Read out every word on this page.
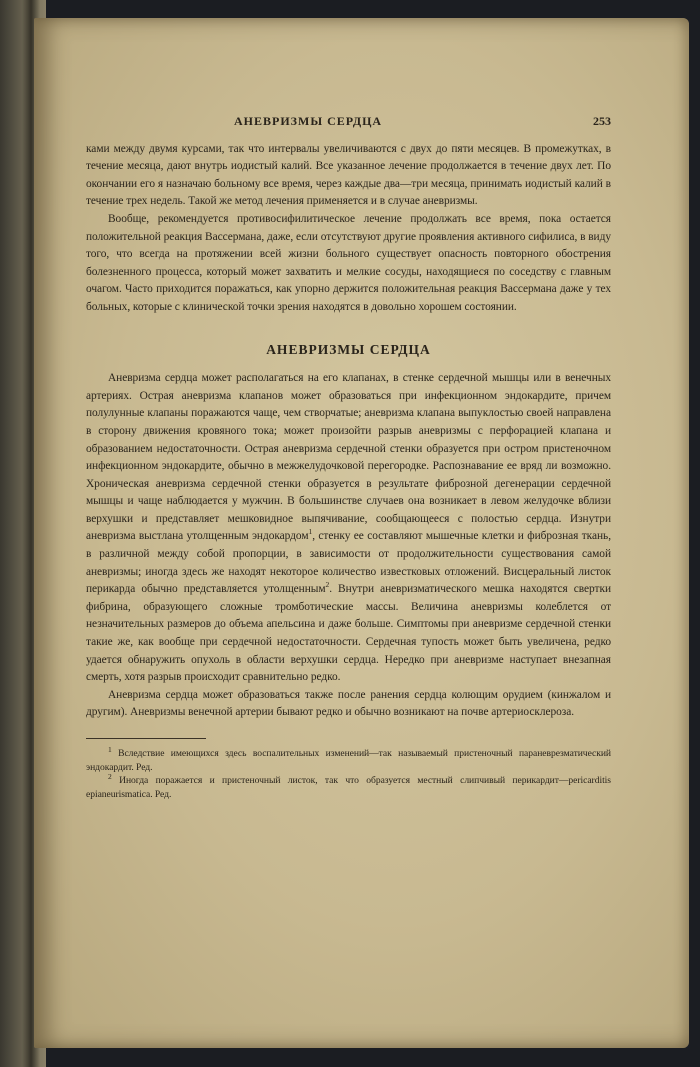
АНЕВРИЗМЫ СЕРДЦА	253

ками между двумя курсами, так что интервалы увеличиваются с двух до пяти месяцев. В промежутках, в течение месяца, дают внутрь иодистый калий. Все указанное лечение продолжается в течение двух лет. По окончании его я назначаю больному все время, через каждые два—три месяца, принимать иодистый калий в течение трех недель. Такой же метод лечения применяется и в случае аневризмы.

Вообще, рекомендуется противосифилитическое лечение продолжать все время, пока остается положительной реакция Вассермана, даже, если отсутствуют другие проявления активного сифилиса, в виду того, что всегда на протяжении всей жизни больного существует опасность повторного обострения болезненного процесса, который может захватить и мелкие сосуды, находящиеся по соседству с главным очагом. Часто приходится поражаться, как упорно держится положительная реакция Вассермана даже у тех больных, которые с клинической точки зрения находятся в довольно хорошем состоянии.

АНЕВРИЗМЫ СЕРДЦА

Аневризма сердца может располагаться на его клапанах, в стенке сердечной мышцы или в венечных артериях. Острая аневризма клапанов может образоваться при инфекционном эндокардите, причем полулунные клапаны поражаются чаще, чем створчатые; аневризма клапана выпуклостью своей направлена в сторону движения кровяного тока; может произойти разрыв аневризмы с перфорацией клапана и образованием недостаточности. Острая аневризма сердечной стенки образуется при остром пристеночном инфекционном эндокардите, обычно в межжелудочковой перегородке. Распознавание ее вряд ли возможно. Хроническая аневризма сердечной стенки образуется в результате фиброзной дегенерации сердечной мышцы и чаще наблюдается у мужчин. В большинстве случаев она возникает в левом желудочке вблизи верхушки и представляет мешковидное выпячивание, сообщающееся с полостью сердца. Изнутри аневризма выстлана утолщенным эндокардом$^1$, стенку ее составляют мышечные клетки и фиброзная ткань, в различной между собой пропорции, в зависимости от продолжительности существования самой аневризмы; иногда здесь же находят некоторое количество известковых отложений. Висцеральный листок перикарда обычно представляется утолщенным$^2$. Внутри аневризматического мешка находятся свертки фибрина, образующего сложные тромботические массы. Величина аневризмы колеблется от незначительных размеров до объема апельсина и даже больше. Симптомы при аневризме сердечной стенки такие же, как вообще при сердечной недостаточности. Сердечная тупость может быть увеличена, редко удается обнаружить опухоль в области верхушки сердца. Нередко при аневризме наступает внезапная смерть, хотя разрыв происходит сравнительно редко.

Аневризма сердца может образоваться также после ранения сердца колющим орудием (кинжалом и другим). Аневризмы венечной артерии бывают редко и обычно возникают на почве артериосклероза.

$^1$ Вследствие имеющихся здесь воспалительных изменений—так называемый пристеночный параневрезматический эндокардит. Ред.

$^2$ Иногда поражается и пристеночный листок, так что образуется местный слипчивый перикардит—pericarditis epianeurismatica. Ред.
